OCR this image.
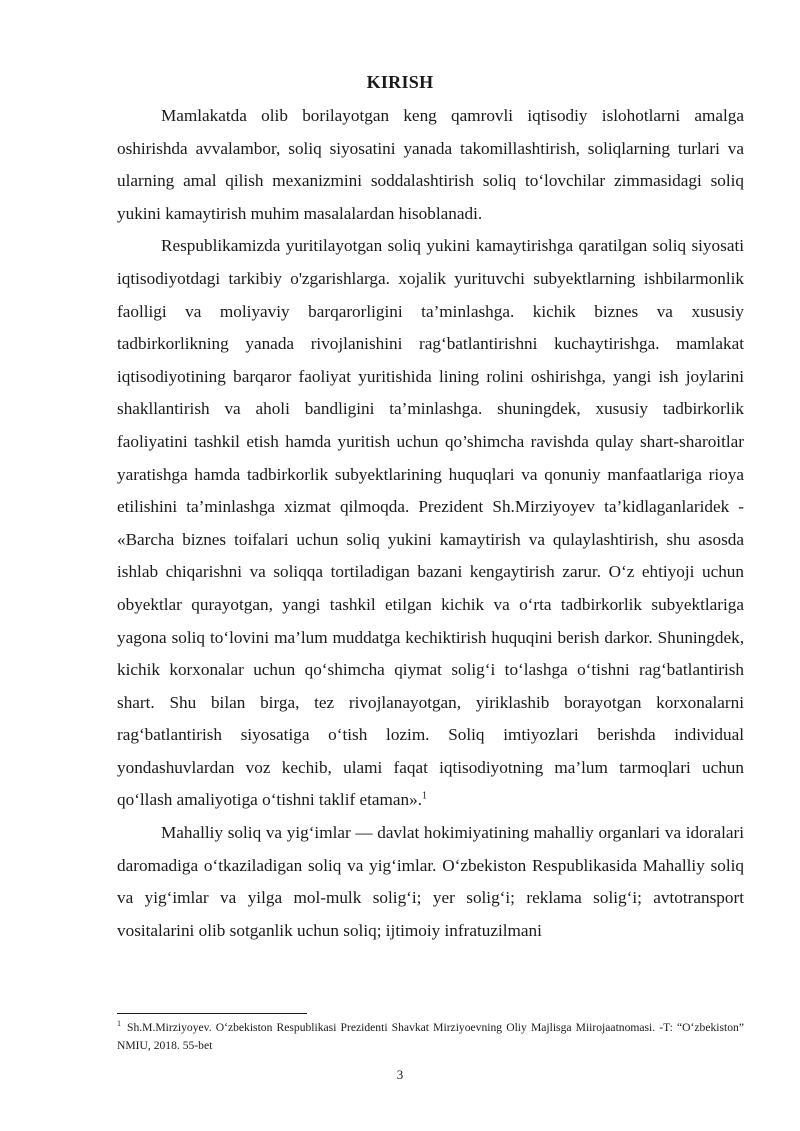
KIRISH

Mamlakatda olib borilayotgan keng qamrovli iqtisodiy islohotlarni amalga oshirishda avvalambor, soliq siyosatini yanada takomillashtirish, soliqlarning turlari va ularning amal qilish mexanizmini soddalashtirish soliq to‘lovchilar zimmasidagi soliq yukini kamaytirish muhim masalalardan hisoblanadi.

Respublikamizda yuritilayotgan soliq yukini kamaytirishga qaratilgan soliq siyosati iqtisodiyotdagi tarkibiy o'zgarishlarga. xojalik yurituvchi subyektlarning ishbilarmonlik faolligi va moliyaviy barqarorligini ta’minlashga. kichik biznes va xususiy tadbirkorlikning yanada rivojlanishini rag‘batlantirishni kuchaytirishga. mamlakat iqtisodiyotining barqaror faoliyat yuritishida lining rolini oshirishga, yangi ish joylarini shakllantirish va aholi bandligini ta’minlashga. shuningdek, xususiy tadbirkorlik faoliyatini tashkil etish hamda yuritish uchun qo’shimcha ravishda qulay shart-sharoitlar yaratishga hamda tadbirkorlik subyektlarining huquqlari va qonuniy manfaatlariga rioya etilishini ta’minlashga xizmat qilmoqda. Prezident Sh.Mirziyoyev ta’kidlaganlaridek - «Barcha biznes toifalari uchun soliq yukini kamaytirish va qulaylashtirish, shu asosda ishlab chiqarishni va soliqqa tortiladigan bazani kengaytirish zarur. O‘z ehtiyoji uchun obyektlar qurayotgan, yangi tashkil etilgan kichik va o‘rta tadbirkorlik subyektlariga yagona soliq to‘lovini ma’lum muddatga kechiktirish huquqini berish darkor. Shuningdek, kichik korxonalar uchun qo‘shimcha qiymat solig‘i to‘lashga o‘tishni rag‘batlantirish shart. Shu bilan birga, tez rivojlanayotgan, yiriklashib borayotgan korxonalarni rag‘batlantirish siyosatiga o‘tish lozim. Soliq imtiyozlari berishda individual yondashuvlardan voz kechib, ulami faqat iqtisodiyotning ma’lum tarmoqlari uchun qo‘llash amaliyotiga o‘tishni taklif etaman».$^1$

Mahalliy soliq va yig‘imlar — davlat hokimiyatining mahalliy organlari va idoralari daromadiga o‘tkaziladigan soliq va yig‘imlar. O‘zbekiston Respublikasida Mahalliy soliq va yig‘imlar va yilga mol-mulk solig‘i; yer solig‘i; reklama solig‘i; avtotransport vositalarini olib sotganlik uchun soliq; ijtimoiy infratuzilmani

$^1$ Sh.M.Mirziyoyev. O‘zbekiston Respublikasi Prezidenti Shavkat Mirziyoevning Oliy Majlisga Miirojaatnomasi. -T: “O‘zbekiston” NMIU, 2018. 55-bet
3
